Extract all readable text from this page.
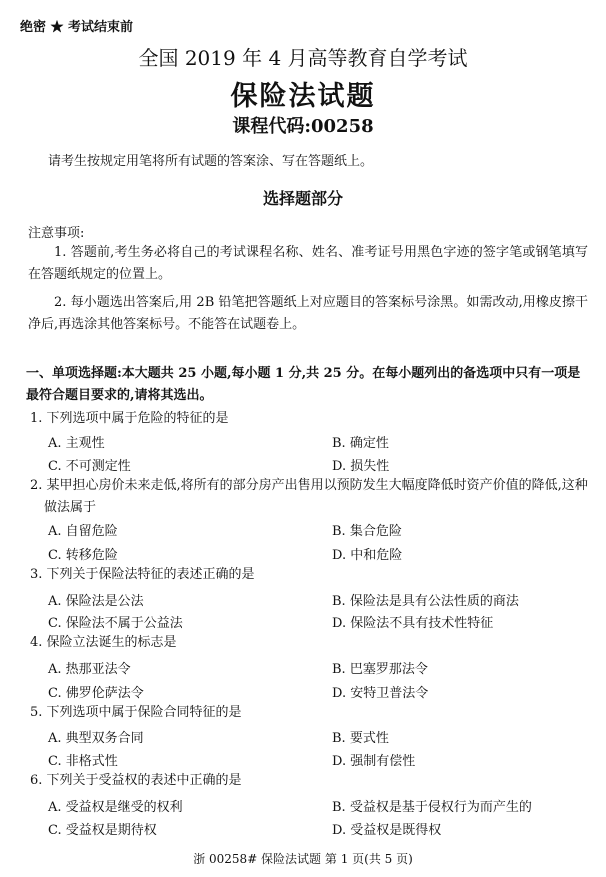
绝密 ★ 考试结束前
全国 2019 年 4 月高等教育自学考试
保险法试题
课程代码:00258
请考生按规定用笔将所有试题的答案涂、写在答题纸上。
选择题部分
注意事项:
1. 答题前,考生务必将自己的考试课程名称、姓名、准考证号用黑色字迹的签字笔或钢笔填写在答题纸规定的位置上。
2. 每小题选出答案后,用 2B 铅笔把答题纸上对应题目的答案标号涂黑。如需改动,用橡皮擦干净后,再选涂其他答案标号。不能答在试题卷上。
一、单项选择题:本大题共 25 小题,每小题 1 分,共 25 分。在每小题列出的备选项中只有一项是最符合题目要求的,请将其选出。
1. 下列选项中属于危险的特征的是
A. 主观性	B. 确定性
C. 不可测定性	D. 损失性
2. 某甲担心房价未来走低,将所有的部分房产出售用以预防发生大幅度降低时资产价值的降低,这种做法属于
A. 自留危险	B. 集合危险
C. 转移危险	D. 中和危险
3. 下列关于保险法特征的表述正确的是
A. 保险法是公法	B. 保险法是具有公法性质的商法
C. 保险法不属于公益法	D. 保险法不具有技术性特征
4. 保险立法诞生的标志是
A. 热那亚法令	B. 巴塞罗那法令
C. 佛罗伦萨法令	D. 安特卫普法令
5. 下列选项中属于保险合同特征的是
A. 典型双务合同	B. 要式性
C. 非格式性	D. 强制有偿性
6. 下列关于受益权的表述中正确的是
A. 受益权是继受的权利	B. 受益权是基于侵权行为而产生的
C. 受益权是期待权	D. 受益权是既得权
浙 00258# 保险法试题 第 1 页(共 5 页)
